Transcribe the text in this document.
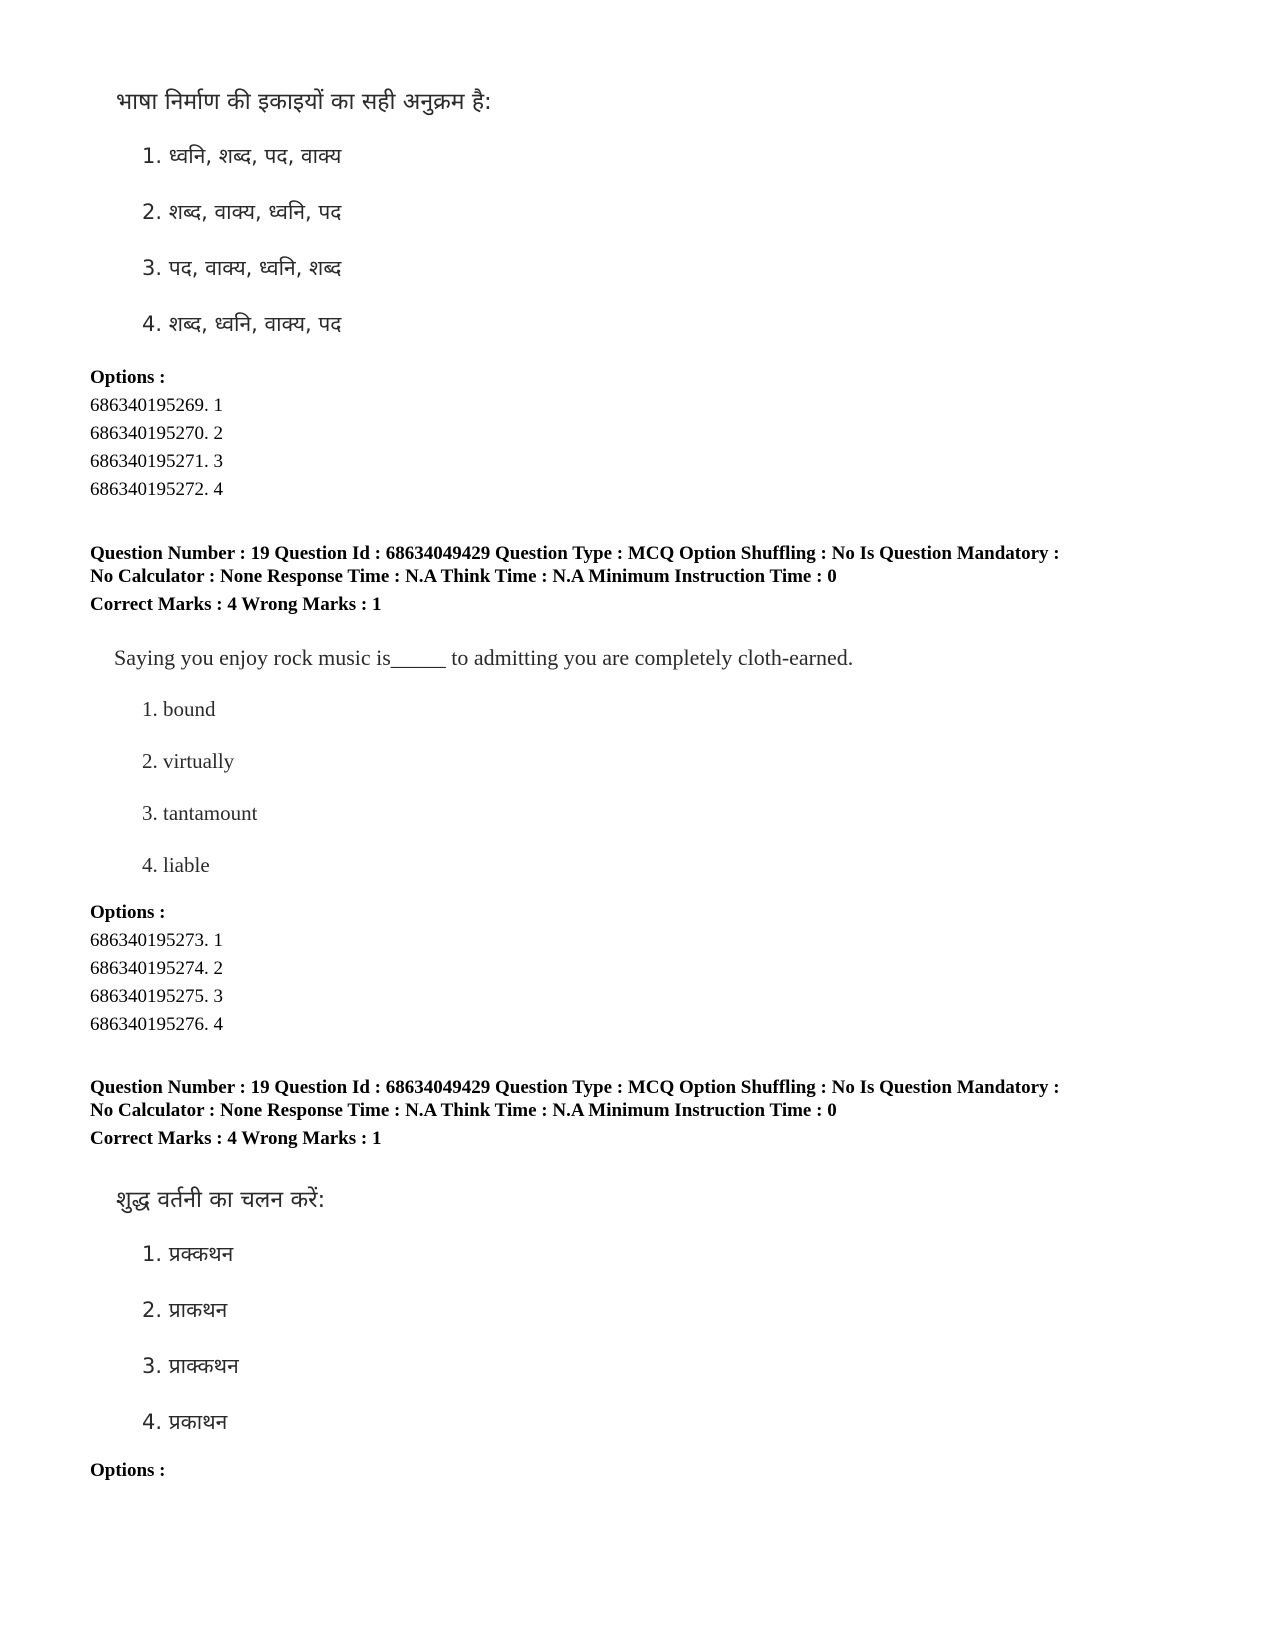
भाषा निर्माण की इकाइयों का सही अनुक्रम है:
1. ध्वनि, शब्द, पद, वाक्य
2. शब्द, वाक्य, ध्वनि, पद
3. पद, वाक्य, ध्वनि, शब्द
4. शब्द, ध्वनि, वाक्य, पद
Options :
686340195269. 1
686340195270. 2
686340195271. 3
686340195272. 4
Question Number : 19 Question Id : 68634049429 Question Type : MCQ Option Shuffling : No Is Question Mandatory :
No Calculator : None Response Time : N.A Think Time : N.A Minimum Instruction Time : 0
Correct Marks : 4 Wrong Marks : 1
Saying you enjoy rock music is_____ to admitting you are completely cloth-earned.
1. bound
2. virtually
3. tantamount
4. liable
Options :
686340195273. 1
686340195274. 2
686340195275. 3
686340195276. 4
Question Number : 19 Question Id : 68634049429 Question Type : MCQ Option Shuffling : No Is Question Mandatory :
No Calculator : None Response Time : N.A Think Time : N.A Minimum Instruction Time : 0
Correct Marks : 4 Wrong Marks : 1
शुद्ध वर्तनी का चलन करें:
1. प्रक्कथन
2. प्राकथन
3. प्राक्कथन
4. प्रकाथन
Options :
